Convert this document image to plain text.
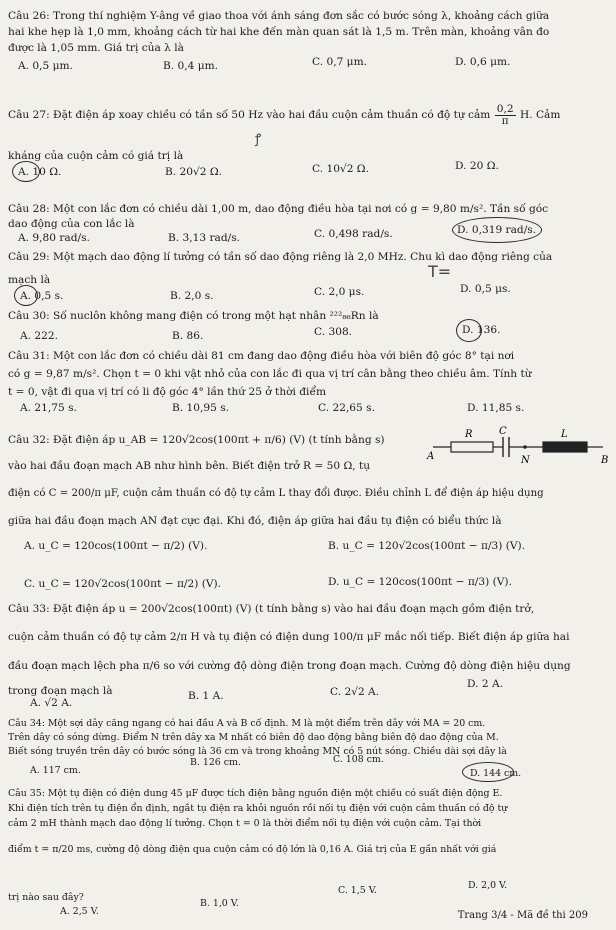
Câu 26: Trong thí nghiệm Y-âng về giao thoa với ánh sáng đơn sắc có bước sóng λ, khoảng cách giữa
hai khe hẹp là 1,0 mm, khoảng cách từ hai khe đến màn quan sát là 1,5 m. Trên màn, khoảng vân đo
được là 1,05 mm. Giá trị của λ là
A. 0,5 μm.	B. 0,4 μm.	C. 0,7 μm.	D. 0,6 μm.
Câu 27: Đặt điện áp xoay chiều có tần số 50 Hz vào hai đầu cuộn cảm thuần có độ tự cảm $\frac{0,2}{\pi} H$. Cảm
kháng của cuộn cảm có giá trị là
A. 10 Ω.	B. 20√2 Ω.	C. 10√2 Ω.	D. 20 Ω.
ꝭ
Câu 28: Một con lắc đơn có chiều dài 1,00 m, dao động điều hòa tại nơi có g = 9,80 m/s². Tần số góc
dao động của con lắc là
A. 9,80 rad/s.	B. 3,13 rad/s.	C. 0,498 rad/s.	D. 0,319 rad/s.
Câu 29: Một mạch dao động lí tưởng có tần số dao động riêng là 2,0 MHz. Chu kì dao động riêng của
mạch là
A. 0,5 s.	B. 2,0 s.	C. 2,0 μs.	D. 0,5 μs.
T=
Câu 30: Số nuclôn không mang điện có trong một hạt nhân ²²²₈₆Rn là
A. 222.	B. 86.	C. 308.	D. 136.
Câu 31: Một con lắc đơn có chiều dài 81 cm đang dao động điều hòa với biên độ góc 8° tại nơi
có g = 9,87 m/s². Chọn t = 0 khi vật nhỏ của con lắc đi qua vị trí cân bằng theo chiều âm. Tính từ
t = 0, vật đi qua vị trí có li độ góc 4° lần thứ 25 ở thời điểm
A. 21,75 s.	B. 10,95 s.	C. 22,65 s.	D. 11,85 s.
Câu 32: Đặt điện áp u_AB = 120√2cos(100πt + π/6) (V) (t tính bằng s)
vào hai đầu đoạn mạch AB như hình bên. Biết điện trở R = 50 Ω, tụ
điện có C = 200/π μF, cuộn cảm thuần có độ tự cảm L thay đổi được. Điều chỉnh L để điện áp hiệu dụng
giữa hai đầu đoạn mạch AN đạt cực đại. Khi đó, điện áp giữa hai đầu tụ điện có biểu thức là
A. u_C = 120cos(100πt − π/2) (V).	B. u_C = 120√2cos(100πt − π/3) (V).
C. u_C = 120√2cos(100πt − π/2) (V).	D. u_C = 120cos(100πt − π/3) (V).
A
R	C
N
L
B
Câu 33: Đặt điện áp u = 200√2cos(100πt) (V) (t tính bằng s) vào hai đầu đoạn mạch gồm điện trở,
cuộn cảm thuần có độ tự cảm 2/π H và tụ điện có điện dung 100/π μF mắc nối tiếp. Biết điện áp giữa hai
đầu đoạn mạch lệch pha π/6 so với cường độ dòng điện trong đoạn mạch. Cường độ dòng điện hiệu dụng
trong đoạn mạch là
A. √2 A.
B. 1 A.	C. 2√2 A.
D. 2 A.
Câu 34: Một sợi dây căng ngang có hai đầu A và B cố định. M là một điểm trên dây với MA = 20 cm.
Trên dây có sóng dừng. Điểm N trên dây xa M nhất có biên độ dao động bằng biên độ dao động của M.
Biết sóng truyền trên dây có bước sóng là 36 cm và trong khoảng MN có 5 nút sóng. Chiều dài sợi dây là
A. 117 cm.
B. 126 cm.	C. 108 cm.
D. 144 cm.
Câu 35: Một tụ điện có điện dung 45 μF được tích điện bằng nguồn điện một chiều có suất điện động E.
Khi điện tích trên tụ điện ổn định, ngắt tụ điện ra khỏi nguồn rồi nối tụ điện với cuộn cảm thuần có độ tự
cảm 2 mH thành mạch dao động lí tưởng. Chọn t = 0 là thời điểm nối tụ điện với cuộn cảm. Tại thời
điểm t = π/20 ms, cường độ dòng điện qua cuộn cảm có độ lớn là 0,16 A. Giá trị của E gần nhất với giá
trị nào sau đây?
A. 2,5 V.
B. 1,0 V.
C. 1,5 V.	D. 2,0 V.
Trang 3/4 - Mã đề thi 209
